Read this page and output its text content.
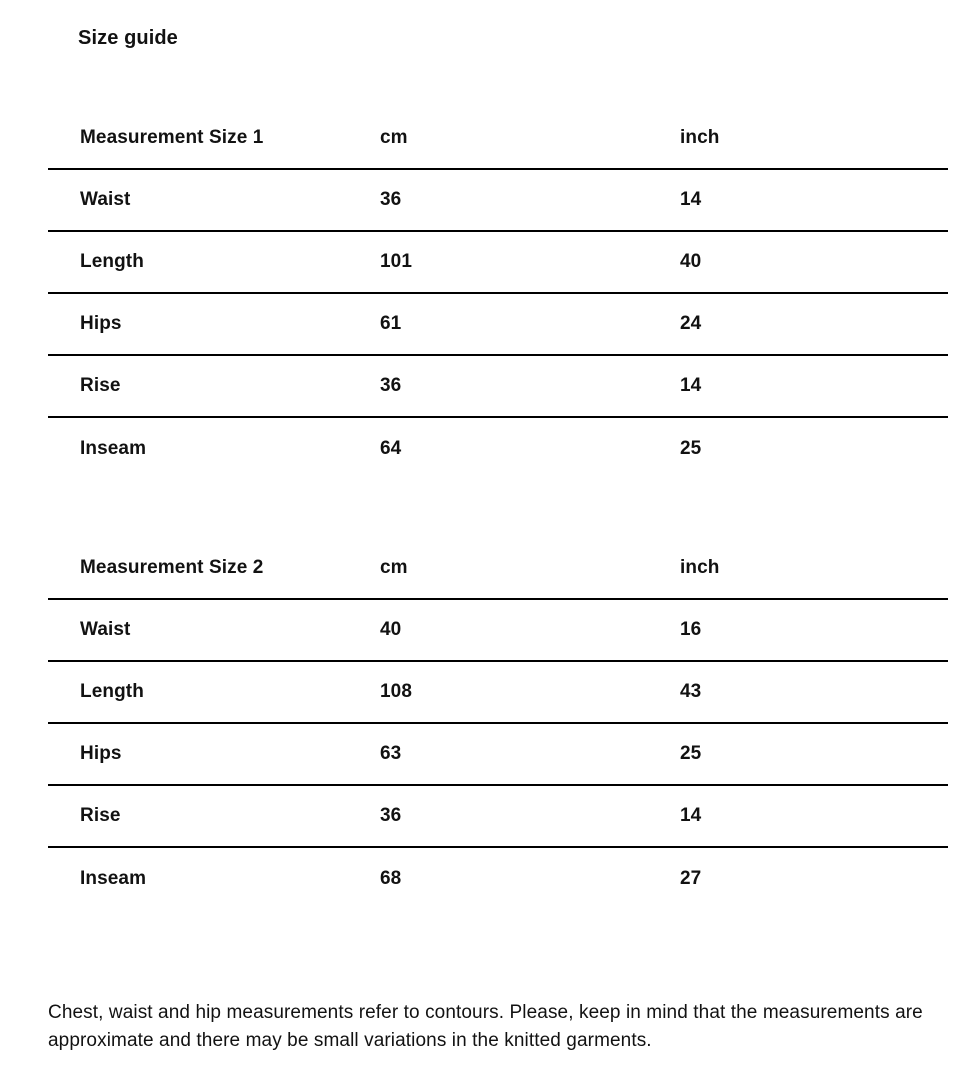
Size guide
Measurement Size 1	cm	inch
Waist	36	14
Length	101	40
Hips	61	24
Rise	36	14
Inseam	64	25
Measurement Size 2	cm	inch
Waist	40	16
Length	108	43
Hips	63	25
Rise	36	14
Inseam	68	27

Chest, waist and hip measurements refer to contours. Please, keep in mind that the measurements are approximate and there may be small variations in the knitted garments.
